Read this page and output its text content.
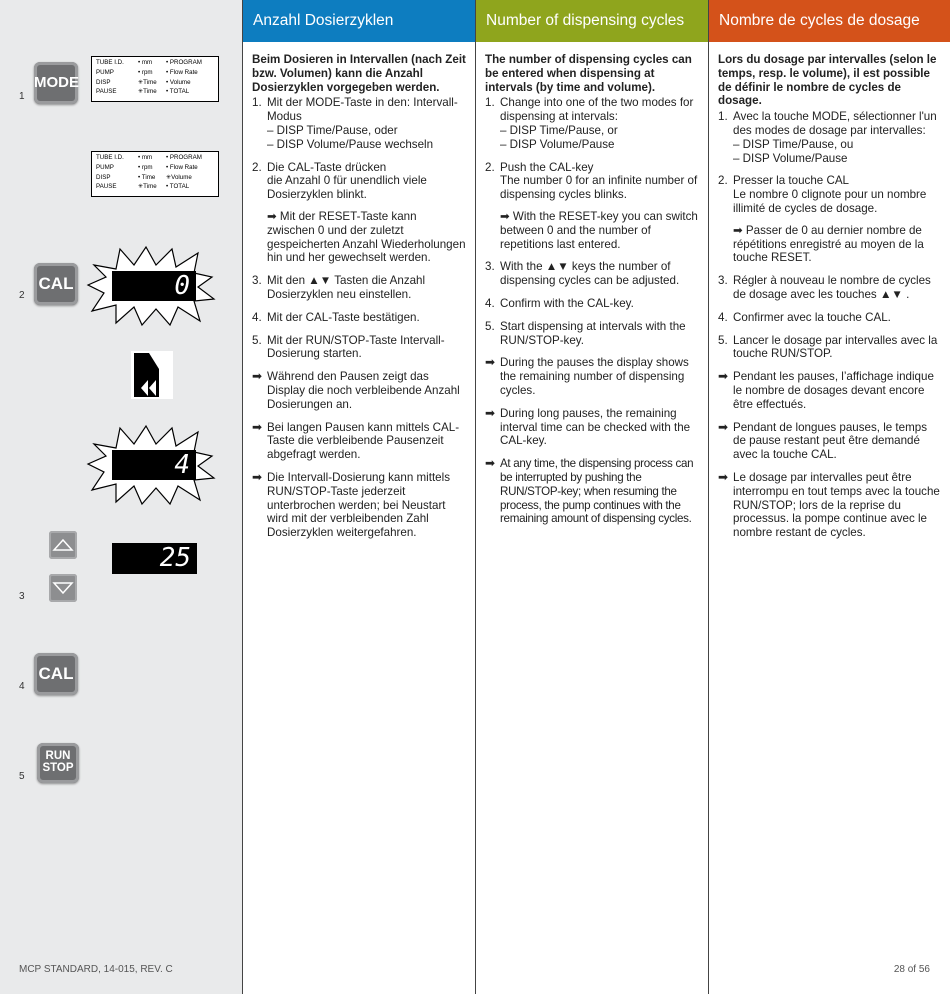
MODE
1
TUBE I.D.
PUMP
DISP
PAUSE
• mm
• rpm
✳Time
✳Time
• PROGRAM
• Flow Rate
• Volume
• TOTAL
TUBE I.D.
PUMP
DISP
PAUSE
• mm
• rpm
• Time
✳Time
• PROGRAM
• Flow Rate
✳Volume
• TOTAL
CAL
2	0
4
25
3
CAL
4
RUN
STOP
5
MCP STANDARD, 14-015, REV. C
Anzahl Dosierzyklen

Beim Dosieren in Intervallen (nach Zeit bzw. Volumen) kann die Anzahl Dosierzyklen vorgegeben werden.

1. Mit der MODE-Taste in den: Intervall-Modus
– DISP Time/Pause, oder
– DISP Volume/Pause wechseln
2. Die CAL-Taste drücken
die Anzahl 0 für unendlich viele Dosierzyklen blinkt.
➡ Mit der RESET-Taste kann zwischen 0 und der zuletzt gespeicherten Anzahl Wiederholungen hin und her gewechselt werden.
3. Mit den ▲▼ Tasten die Anzahl Dosierzyklen neu einstellen.
4. Mit der CAL-Taste bestätigen.
5. Mit der RUN/STOP-Taste Intervall-Dosierung starten.
➡ Während den Pausen zeigt das Display die noch verbleibende Anzahl Dosierungen an.
➡ Bei langen Pausen kann mittels CAL-Taste die verbleibende Pausenzeit abgefragt werden.
➡ Die Intervall-Dosierung kann mittels RUN/STOP-Taste jederzeit unterbrochen werden; bei Neustart wird mit der verbleibenden Zahl Dosierzyklen weitergefahren.
Number of dispensing cycles

The number of dispensing cycles can be entered when dispensing at intervals (by time and volume).

1. Change into one of the two modes for dispensing at intervals:
– DISP Time/Pause, or
– DISP Volume/Pause
2. Push the CAL-key
The number 0 for an infinite number of dispensing cycles blinks.
➡ With the RESET-key you can switch between 0 and the number of repetitions last entered.
3. With the ▲▼ keys the number of dispensing cycles can be adjusted.
4. Confirm with the CAL-key.
5. Start dispensing at intervals with the RUN/STOP-key.
➡ During the pauses the display shows the remaining number of dispensing cycles.
➡ During long pauses, the remaining interval time can be checked with the CAL-key.
➡ At any time, the dispensing process can be interrupted by pushing the RUN/STOP-key; when resuming the process, the pump continues with the remaining amount of dispensing cycles.
Nombre de cycles de dosage

Lors du dosage par intervalles (selon le temps, resp. le volume), il est possible de définir le nombre de cycles de dosage.

1. Avec la touche MODE, sélectionner l'un des modes de dosage par intervalles:
– DISP Time/Pause, ou
– DISP Volume/Pause
2. Presser la touche CAL
Le nombre 0 clignote pour un nombre illimité de cycles de dosage.
➡ Passer de 0 au dernier nombre de répétitions enregistré au moyen de la touche RESET.
3. Régler à nouveau le nombre de cycles de dosage avec les touches ▲▼ .
4. Confirmer avec la touche CAL.
5. Lancer le dosage par intervalles avec la touche RUN/STOP.
➡ Pendant les pauses, l’affichage indique le nombre de dosages devant encore être effectués.
➡ Pendant de longues pauses, le temps de pause restant peut être demandé avec la touche CAL.
➡ Le dosage par intervalles peut être interrompu en tout temps avec la touche RUN/STOP; lors de la reprise du processus. la pompe continue avec le nombre restant de cycles.
28 of 56
